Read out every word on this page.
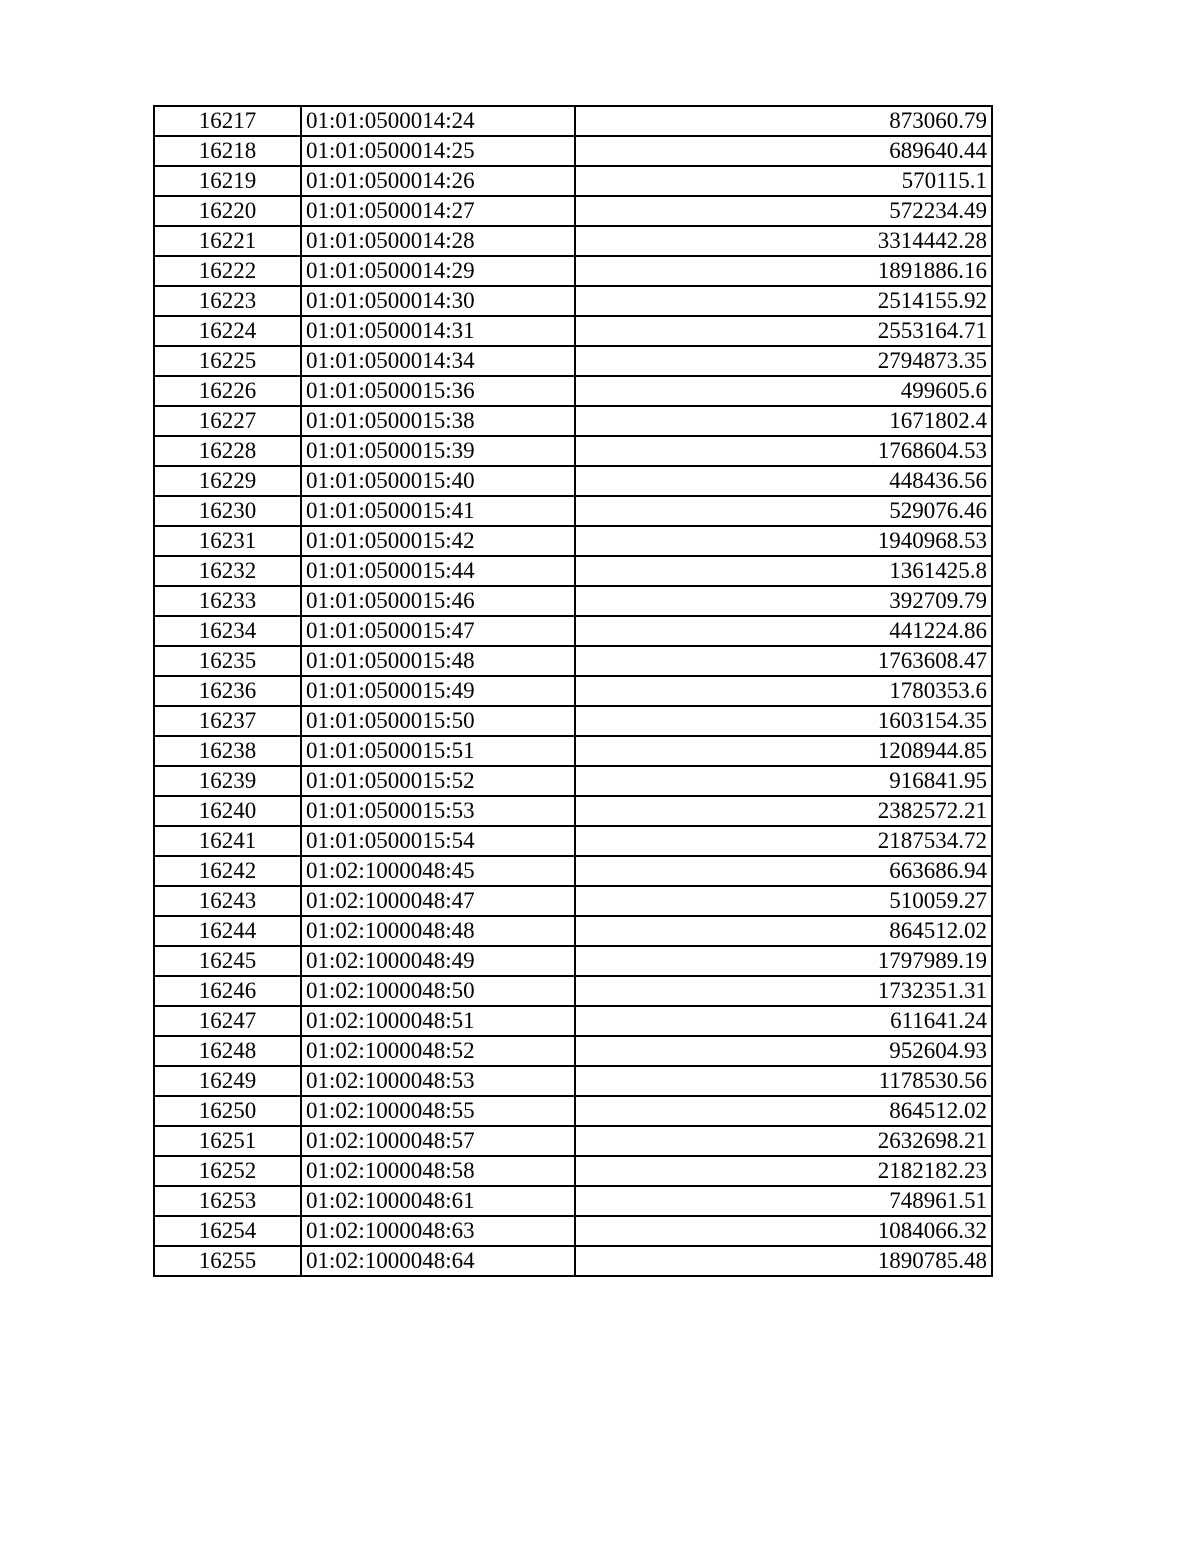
16217	01:01:0500014:24	873060.79
16218	01:01:0500014:25	689640.44
16219	01:01:0500014:26	570115.1
16220	01:01:0500014:27	572234.49
16221	01:01:0500014:28	3314442.28
16222	01:01:0500014:29	1891886.16
16223	01:01:0500014:30	2514155.92
16224	01:01:0500014:31	2553164.71
16225	01:01:0500014:34	2794873.35
16226	01:01:0500015:36	499605.6
16227	01:01:0500015:38	1671802.4
16228	01:01:0500015:39	1768604.53
16229	01:01:0500015:40	448436.56
16230	01:01:0500015:41	529076.46
16231	01:01:0500015:42	1940968.53
16232	01:01:0500015:44	1361425.8
16233	01:01:0500015:46	392709.79
16234	01:01:0500015:47	441224.86
16235	01:01:0500015:48	1763608.47
16236	01:01:0500015:49	1780353.6
16237	01:01:0500015:50	1603154.35
16238	01:01:0500015:51	1208944.85
16239	01:01:0500015:52	916841.95
16240	01:01:0500015:53	2382572.21
16241	01:01:0500015:54	2187534.72
16242	01:02:1000048:45	663686.94
16243	01:02:1000048:47	510059.27
16244	01:02:1000048:48	864512.02
16245	01:02:1000048:49	1797989.19
16246	01:02:1000048:50	1732351.31
16247	01:02:1000048:51	611641.24
16248	01:02:1000048:52	952604.93
16249	01:02:1000048:53	1178530.56
16250	01:02:1000048:55	864512.02
16251	01:02:1000048:57	2632698.21
16252	01:02:1000048:58	2182182.23
16253	01:02:1000048:61	748961.51
16254	01:02:1000048:63	1084066.32
16255	01:02:1000048:64	1890785.48
